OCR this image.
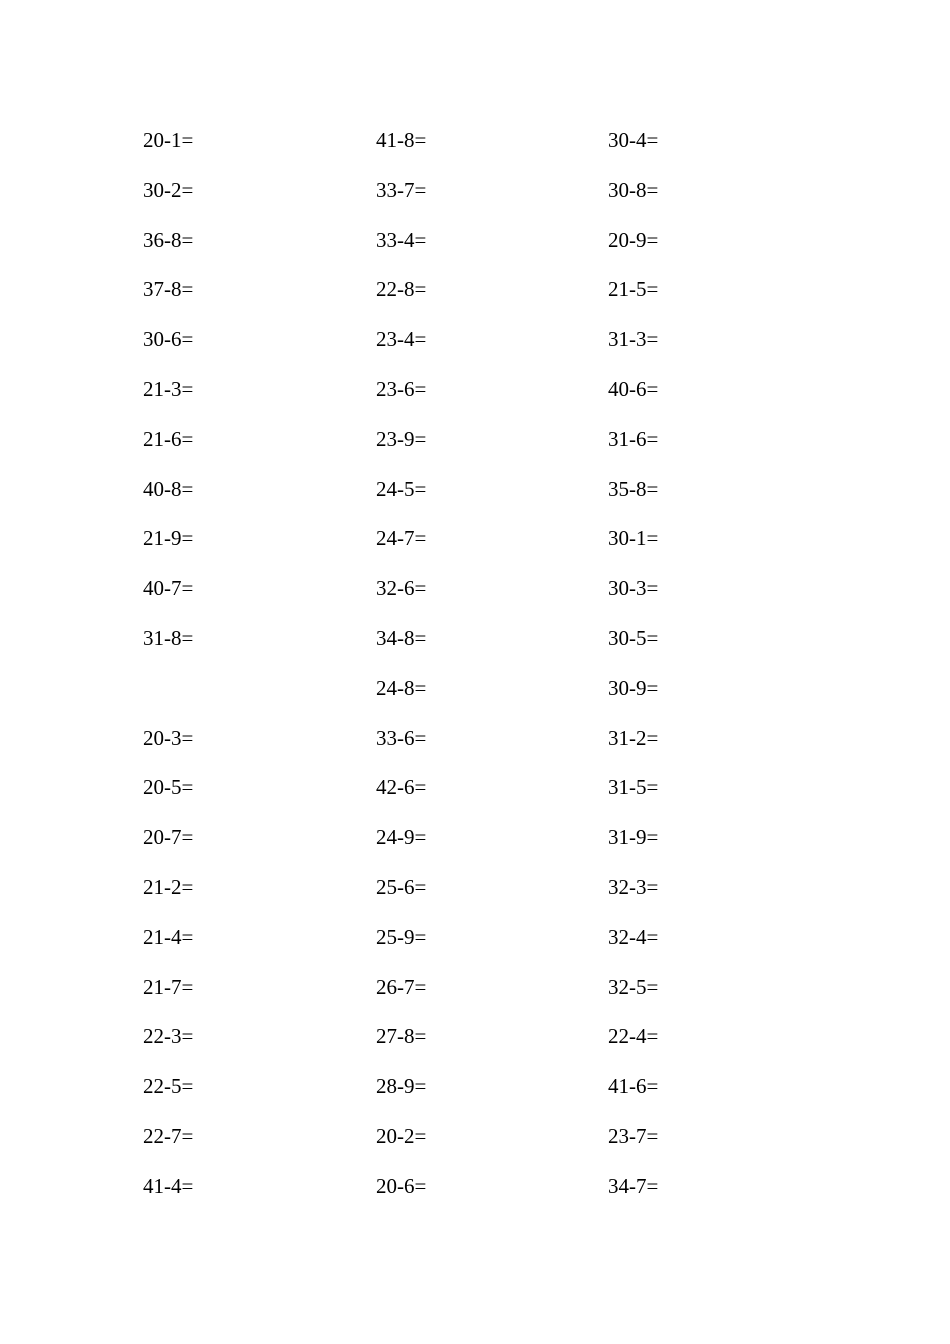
20-1=
30-2=
36-8=
37-8=
30-6=
21-3=
21-6=
40-8=
21-9=
40-7=
31-8=
20-3=
20-5=
20-7=
21-2=
21-4=
21-7=
22-3=
22-5=
22-7=
41-4=
41-8=
33-7=
33-4=
22-8=
23-4=
23-6=
23-9=
24-5=
24-7=
32-6=
34-8=
24-8=
33-6=
42-6=
24-9=
25-6=
25-9=
26-7=
27-8=
28-9=
20-2=
20-6=
30-4=
30-8=
20-9=
21-5=
31-3=
40-6=
31-6=
35-8=
30-1=
30-3=
30-5=
30-9=
31-2=
31-5=
31-9=
32-3=
32-4=
32-5=
22-4=
41-6=
23-7=
34-7=
